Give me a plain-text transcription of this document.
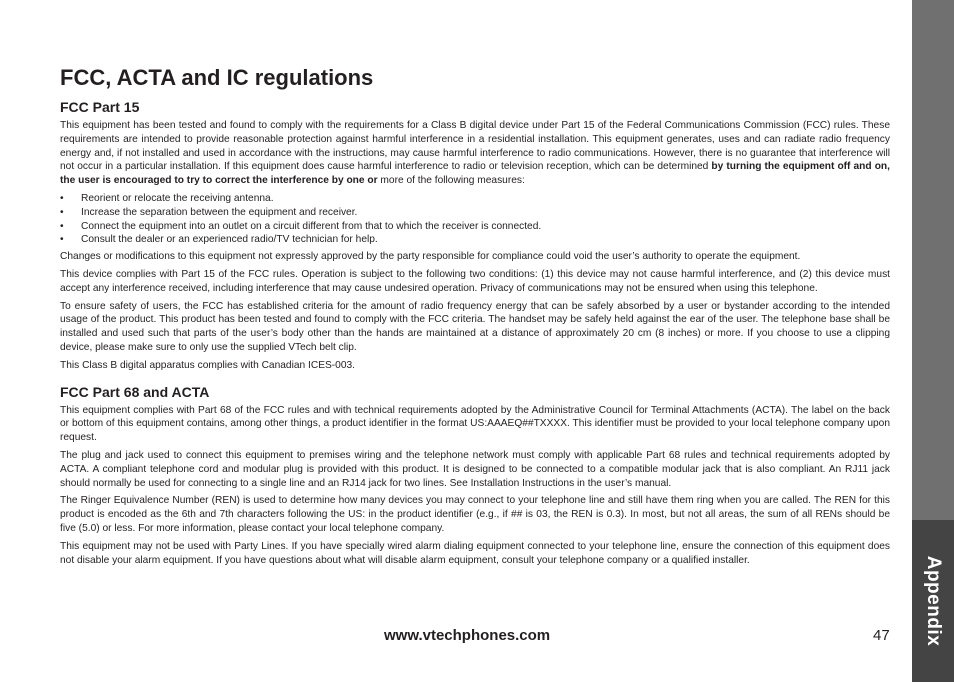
Appendix
FCC, ACTA and IC regulations
FCC Part 15

This equipment has been tested and found to comply with the requirements for a Class B digital device under Part 15 of the Federal Communications Commission (FCC) rules. These requirements are intended to provide reasonable protection against harmful interference in a residential installation. This equipment generates, uses and can radiate radio frequency energy and, if not installed and used in accordance with the instructions, may cause harmful interference to radio communications. However, there is no guarantee that interference will not occur in a particular installation. If this equipment does cause harmful interference to radio or television reception, which can be determined by turning the equipment off and on, the user is encouraged to try to correct the interference by one or more of the following measures:

• Reorient or relocate the receiving antenna.
• Increase the separation between the equipment and receiver.
• Connect the equipment into an outlet on a circuit different from that to which the receiver is connected.
• Consult the dealer or an experienced radio/TV technician for help.

Changes or modifications to this equipment not expressly approved by the party responsible for compliance could void the user’s authority to operate the equipment.

This device complies with Part 15 of the FCC rules. Operation is subject to the following two conditions: (1) this device may not cause harmful interference, and (2) this device must accept any interference received, including interference that may cause undesired operation. Privacy of communications may not be ensured when using this telephone.

To ensure safety of users, the FCC has established criteria for the amount of radio frequency energy that can be safely absorbed by a user or bystander according to the intended usage of the product. This product has been tested and found to comply with the FCC criteria. The handset may be safely held against the ear of the user. The telephone base shall be installed and used such that parts of the user’s body other than the hands are maintained at a distance of approximately 20 cm (8 inches) or more. If you choose to use a clipping device, please make sure to only use the supplied VTech belt clip.

This Class B digital apparatus complies with Canadian ICES-003.

FCC Part 68 and ACTA

This equipment complies with Part 68 of the FCC rules and with technical requirements adopted by the Administrative Council for Terminal Attachments (ACTA). The label on the back or bottom of this equipment contains, among other things, a product identifier in the format US:AAAEQ##TXXXX. This identifier must be provided to your local telephone company upon request.

The plug and jack used to connect this equipment to premises wiring and the telephone network must comply with applicable Part 68 rules and technical requirements adopted by ACTA. A compliant telephone cord and modular plug is provided with this product. It is designed to be connected to a compatible modular jack that is also compliant. An RJ11 jack should normally be used for connecting to a single line and an RJ14 jack for two lines. See Installation Instructions in the user’s manual.

The Ringer Equivalence Number (REN) is used to determine how many devices you may connect to your telephone line and still have them ring when you are called. The REN for this product is encoded as the 6th and 7th characters following the US: in the product identifier (e.g., if ## is 03, the REN is 0.3). In most, but not all areas, the sum of all RENs should be five (5.0) or less. For more information, please contact your local telephone company.

This equipment may not be used with Party Lines. If you have specially wired alarm dialing equipment connected to your telephone line, ensure the connection of this equipment does not disable your alarm equipment. If you have questions about what will disable alarm equipment, consult your telephone company or a qualified installer.

www.vtechphones.com	47
